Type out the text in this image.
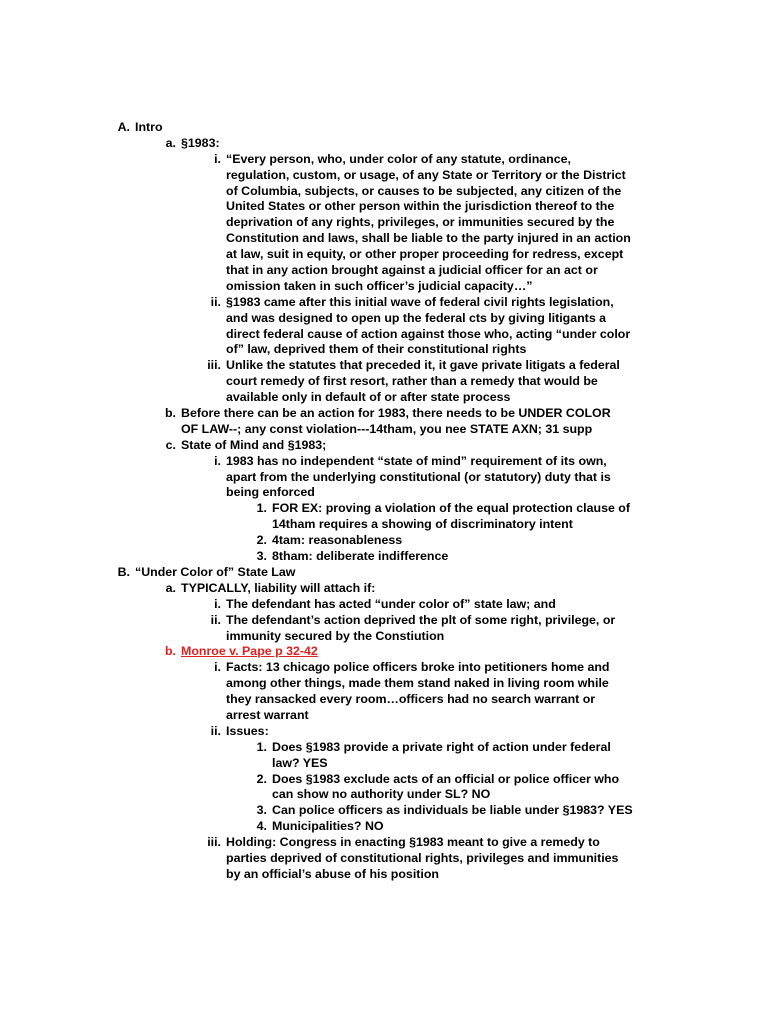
A. Intro
a. §1983:
i. “Every person, who, under color of any statute, ordinance,
regulation, custom, or usage, of any State or Territory or the District
of Columbia, subjects, or causes to be subjected, any citizen of the
United States or other person within the jurisdiction thereof to the
deprivation of any rights, privileges, or immunities secured by the
Constitution and laws, shall be liable to the party injured in an action
at law, suit in equity, or other proper proceeding for redress, except
that in any action brought against a judicial officer for an act or
omission taken in such officer’s judicial capacity…”
ii. §1983 came after this initial wave of federal civil rights legislation,
and was designed to open up the federal cts by giving litigants a
direct federal cause of action against those who, acting “under color
of” law, deprived them of their constitutional rights
iii. Unlike the statutes that preceded it, it gave private litigats a federal
court remedy of first resort, rather than a remedy that would be
available only in default of or after state process
b. Before there can be an action for 1983, there needs to be UNDER COLOR
OF LAW--; any const violation---14tham, you nee STATE AXN; 31 supp
c. State of Mind and §1983;
i. 1983 has no independent “state of mind” requirement of its own,
apart from the underlying constitutional (or statutory) duty that is
being enforced
1. FOR EX: proving a violation of the equal protection clause of
14tham requires a showing of discriminatory intent
2. 4tam: reasonableness
3. 8tham: deliberate indifference
B. “Under Color of” State Law
a. TYPICALLY, liability will attach if:
i. The defendant has acted “under color of” state law; and
ii. The defendant’s action deprived the plt of some right, privilege, or
immunity secured by the Constiution
b. Monroe v. Pape p 32-42
i. Facts: 13 chicago police officers broke into petitioners home and
among other things, made them stand naked in living room while
they ransacked every room…officers had no search warrant or
arrest warrant
ii. Issues:
1. Does §1983 provide a private right of action under federal
law? YES
2. Does §1983 exclude acts of an official or police officer who
can show no authority under SL? NO
3. Can police officers as individuals be liable under §1983? YES
4. Municipalities? NO
iii. Holding: Congress in enacting §1983 meant to give a remedy to
parties deprived of constitutional rights, privileges and immunities
by an official’s abuse of his position
